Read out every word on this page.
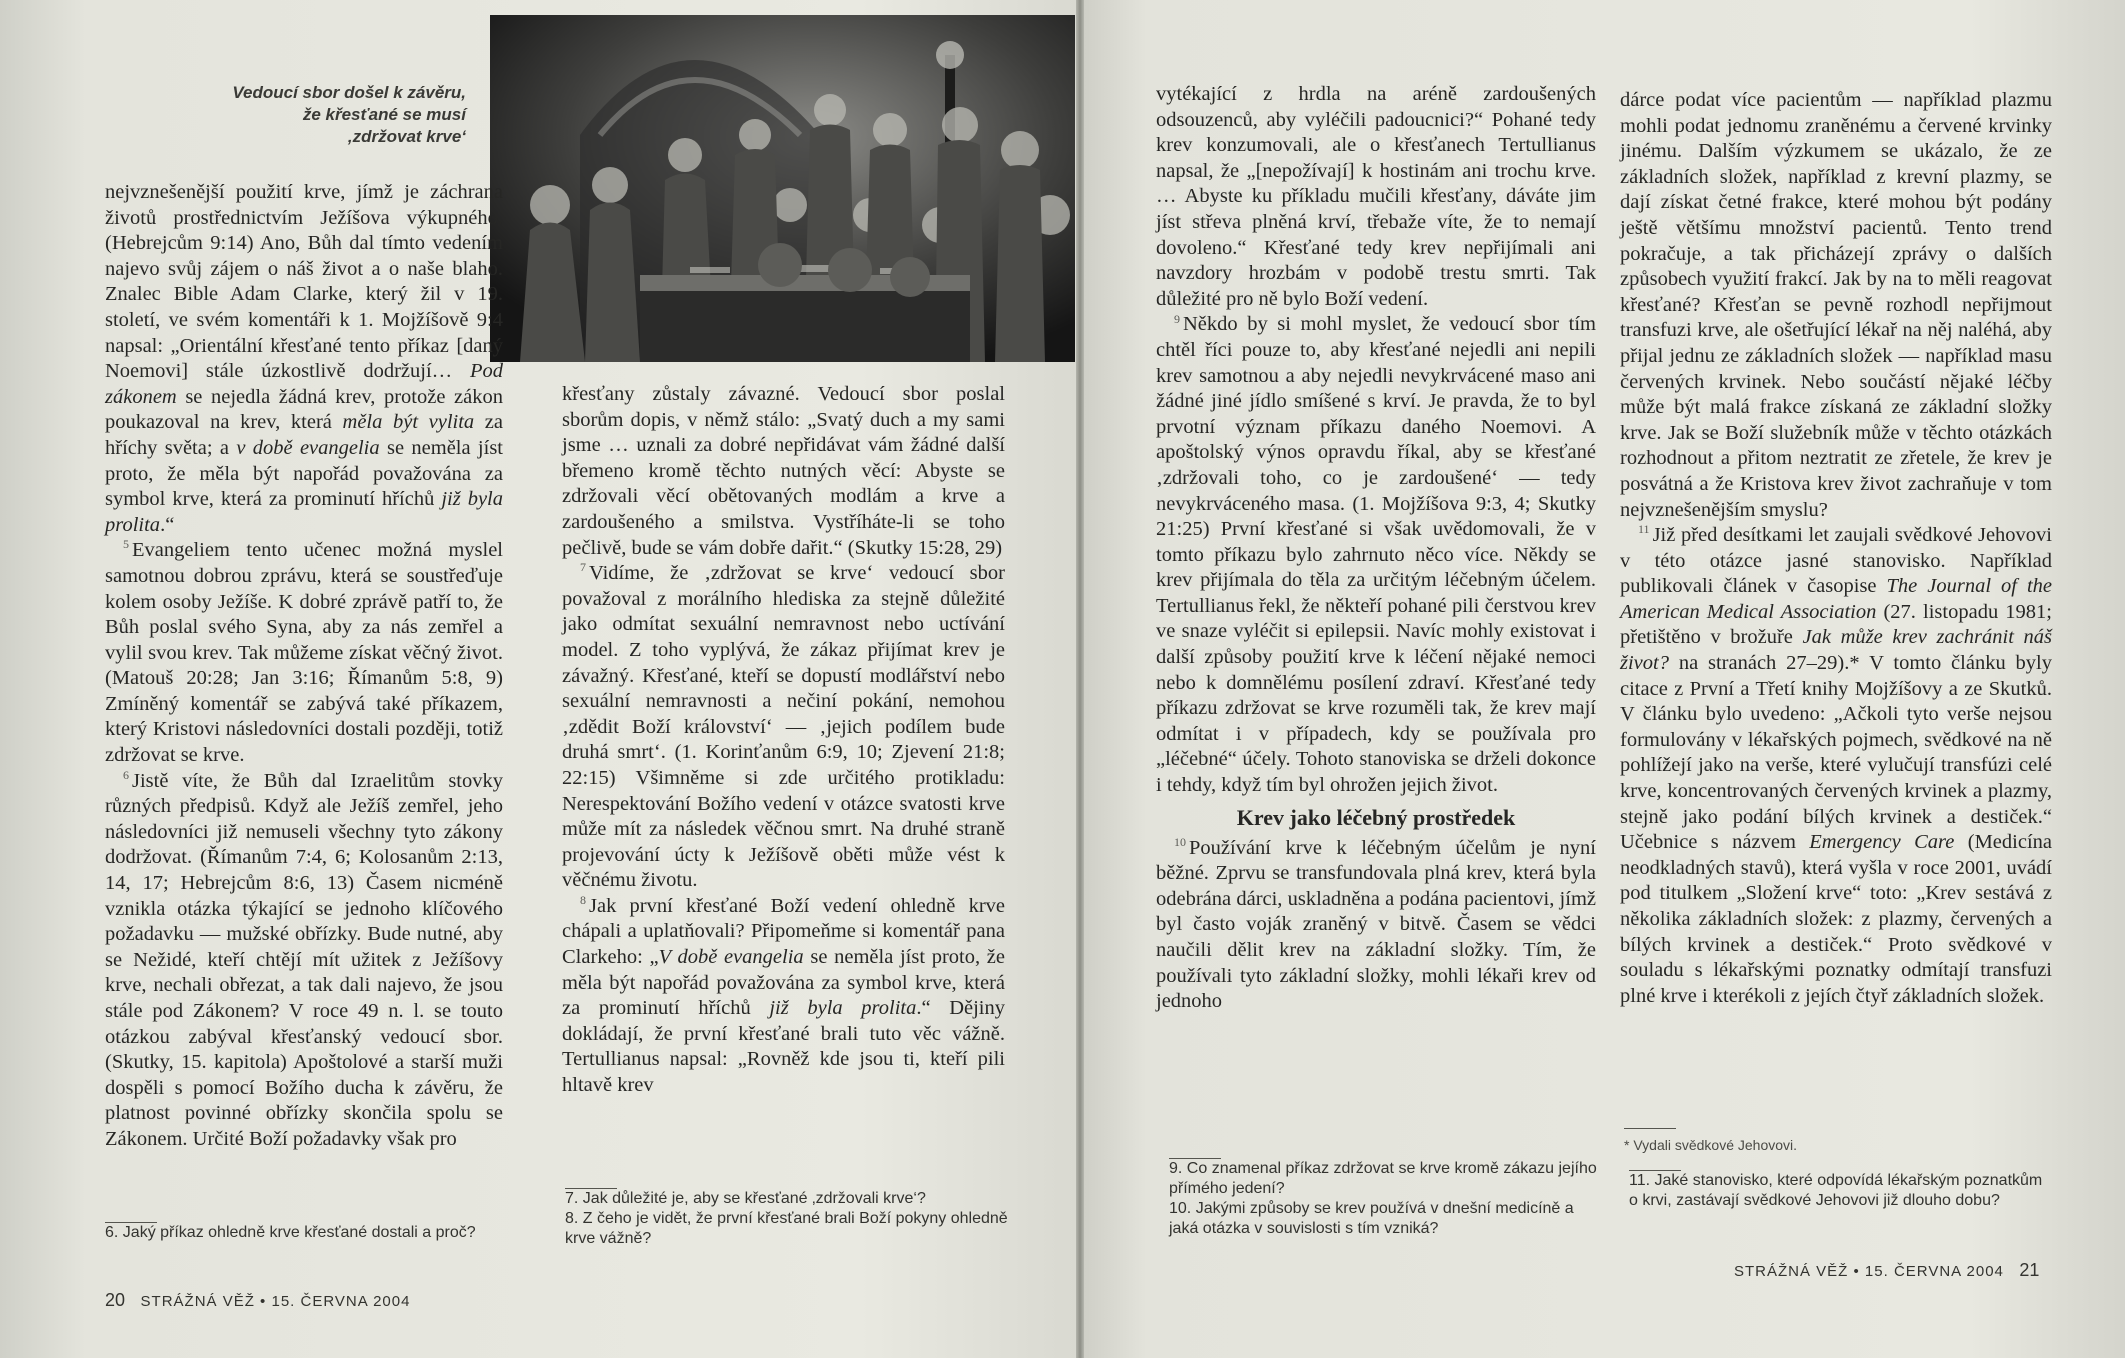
Vedoucí sbor došel k závěru, že křesťané se musí ‚zdržovat krve‘

nejvznešenější použití krve, jímž je záchrana životů prostřednictvím Ježíšova výkupného. (Hebrejcům 9:14) Ano, Bůh dal tímto vedením najevo svůj zájem o náš život a o naše blaho. Znalec Bible Adam Clarke, který žil v 19. století, ve svém komentáři k 1. Mojžíšově 9:4 napsal: „Orientální křesťané tento příkaz [daný Noemovi] stále úzkostlivě dodržují… Pod zákonem se nejedla žádná krev, protože zákon poukazoval na krev, která měla být vylita za hříchy světa; a v době evangelia se neměla jíst proto, že měla být napořád považována za symbol krve, která za prominutí hříchů již byla prolita.“

$^5$ Evangeliem tento učenec možná myslel samotnou dobrou zprávu, která se soustřeďuje kolem osoby Ježíše. K dobré zprávě patří to, že Bůh poslal svého Syna, aby za nás zemřel a vylil svou krev. Tak můžeme získat věčný život. (Matouš 20:28; Jan 3:16; Římanům 5:8, 9) Zmíněný komentář se zabývá také příkazem, který Kristovi následovníci dostali později, totiž zdržovat se krve.

$^6$ Jistě víte, že Bůh dal Izraelitům stovky různých předpisů. Když ale Ježíš zemřel, jeho následovníci již nemuseli všechny tyto zákony dodržovat. (Římanům 7:4, 6; Kolosanům 2:13, 14, 17; Hebrejcům 8:6, 13) Časem nicméně vznikla otázka týkající se jednoho klíčového požadavku — mužské obřízky. Bude nutné, aby se Nežidé, kteří chtějí mít užitek z Ježíšovy krve, nechali obřezat, a tak dali najevo, že jsou stále pod Zákonem? V roce 49 n. l. se touto otázkou zabýval křesťanský vedoucí sbor. (Skutky, 15. kapitola) Apoštolové a starší muži dospěli s pomocí Božího ducha k závěru, že platnost povinné obřízky skončila spolu se Zákonem. Určité Boží požadavky však pro

křesťany zůstaly závazné. Vedoucí sbor poslal sborům dopis, v němž stálo: „Svatý duch a my sami jsme … uznali za dobré nepřidávat vám žádné další břemeno kromě těchto nutných věcí: Abyste se zdržovali věcí obětovaných modlám a krve a zardoušeného a smilstva. Vystříháte-li se toho pečlivě, bude se vám dobře dařit.“ (Skutky 15:28, 29)

$^7$ Vidíme, že ‚zdržovat se krve‘ vedoucí sbor považoval z morálního hlediska za stejně důležité jako odmítat sexuální nemravnost nebo uctívání model. Z toho vyplývá, že zákaz přijímat krev je závažný. Křesťané, kteří se dopustí modlářství nebo sexuální nemravnosti a nečiní pokání, nemohou ‚zdědit Boží království‘ — ‚jejich podílem bude druhá smrt‘. (1. Korinťanům 6:9, 10; Zjevení 21:8; 22:15) Všimněme si zde určitého protikladu: Nerespektování Božího vedení v otázce svatosti krve může mít za následek věčnou smrt. Na druhé straně projevování úcty k Ježíšově oběti může vést k věčnému životu.

$^8$ Jak první křesťané Boží vedení ohledně krve chápali a uplatňovali? Připomeňme si komentář pana Clarkeho: „V době evangelia se neměla jíst proto, že měla být napořád považována za symbol krve, která za prominutí hříchů již byla prolita.“ Dějiny dokládají, že první křesťané brali tuto věc vážně. Tertullianus napsal: „Rovněž kde jsou ti, kteří pili hltavě krev

6. Jaký příkaz ohledně krve křesťané dostali a proč?
7. Jak důležité je, aby se křesťané ‚zdržovali krve‘?
8. Z čeho je vidět, že první křesťané brali Boží pokyny ohledně krve vážně?
20 STRÁŽNÁ VĚŽ • 15. ČERVNA 2004

vytékající z hrdla na aréně zardoušených odsouzenců, aby vyléčili padoucnici?“ Pohané tedy krev konzumovali, ale o křesťanech Tertullianus napsal, že „[nepožívají] k hostinám ani trochu krve. … Abyste ku příkladu mučili křesťany, dáváte jim jíst střeva plněná krví, třebaže víte, že to nemají dovoleno.“ Křesťané tedy krev nepřijímali ani navzdory hrozbám v podobě trestu smrti. Tak důležité pro ně bylo Boží vedení.

$^9$ Někdo by si mohl myslet, že vedoucí sbor tím chtěl říci pouze to, aby křesťané nejedli ani nepili krev samotnou a aby nejedli nevykrvácené maso ani žádné jiné jídlo smíšené s krví. Je pravda, že to byl prvotní význam příkazu daného Noemovi. A apoštolský výnos opravdu říkal, aby se křesťané ‚zdržovali toho, co je zardoušené‘ — tedy nevykrváceného masa. (1. Mojžíšova 9:3, 4; Skutky 21:25) První křesťané si však uvědomovali, že v tomto příkazu bylo zahrnuto něco více. Někdy se krev přijímala do těla za určitým léčebným účelem. Tertullianus řekl, že někteří pohané pili čerstvou krev ve snaze vyléčit si epilepsii. Navíc mohly existovat i další způsoby použití krve k léčení nějaké nemoci nebo k domnělému posílení zdraví. Křesťané tedy příkazu zdržovat se krve rozuměli tak, že krev mají odmítat i v případech, kdy se používala pro „léčebné“ účely. Tohoto stanoviska se drželi dokonce i tehdy, když tím byl ohrožen jejich život.

Krev jako léčebný prostředek

$^{10}$ Používání krve k léčebným účelům je nyní běžné. Zprvu se transfundovala plná krev, která byla odebrána dárci, uskladněna a podána pacientovi, jímž byl často voják zraněný v bitvě. Časem se vědci naučili dělit krev na základní složky. Tím, že používali tyto základní složky, mohli lékaři krev od jednoho

dárce podat více pacientům — například plazmu mohli podat jednomu zraněnému a červené krvinky jinému. Dalším výzkumem se ukázalo, že ze základních složek, například z krevní plazmy, se dají získat četné frakce, které mohou být podány ještě většímu množství pacientů. Tento trend pokračuje, a tak přicházejí zprávy o dalších způsobech využití frakcí. Jak by na to měli reagovat křesťané? Křesťan se pevně rozhodl nepřijmout transfuzi krve, ale ošetřující lékař na něj naléhá, aby přijal jednu ze základních složek — například masu červených krvinek. Nebo součástí nějaké léčby může být malá frakce získaná ze základní složky krve. Jak se Boží služebník může v těchto otázkách rozhodnout a přitom neztratit ze zřetele, že krev je posvátná a že Kristova krev život zachraňuje v tom nejvznešenějším smyslu?

$^{11}$ Již před desítkami let zaujali svědkové Jehovovi v této otázce jasné stanovisko. Například publikovali článek v časopise The Journal of the American Medical Association (27. listopadu 1981; přetištěno v brožuře Jak může krev zachránit náš život? na stranách 27–29).* V tomto článku byly citace z První a Třetí knihy Mojžíšovy a ze Skutků. V článku bylo uvedeno: „Ačkoli tyto verše nejsou formulovány v lékařských pojmech, svědkové na ně pohlížejí jako na verše, které vylučují transfúzi celé krve, koncentrovaných červených krvinek a plazmy, stejně jako podání bílých krvinek a destiček.“ Učebnice s názvem Emergency Care (Medicína neodkladných stavů), která vyšla v roce 2001, uvádí pod titulkem „Složení krve“ toto: „Krev sestává z několika základních složek: z plazmy, červených a bílých krvinek a destiček.“ Proto svědkové v souladu s lékařskými poznatky odmítají transfuzi plné krve i kterékoli z jejích čtyř základních složek.

* Vydali svědkové Jehovovi.
9. Co znamenal příkaz zdržovat se krve kromě zákazu jejího přímého jedení?
10. Jakými způsoby se krev používá v dnešní medicíně a jaká otázka v souvislosti s tím vzniká?
11. Jaké stanovisko, které odpovídá lékařským poznatkům o krvi, zastávají svědkové Jehovovi již dlouho dobu?
STRÁŽNÁ VĚŽ • 15. ČERVNA 2004 21
